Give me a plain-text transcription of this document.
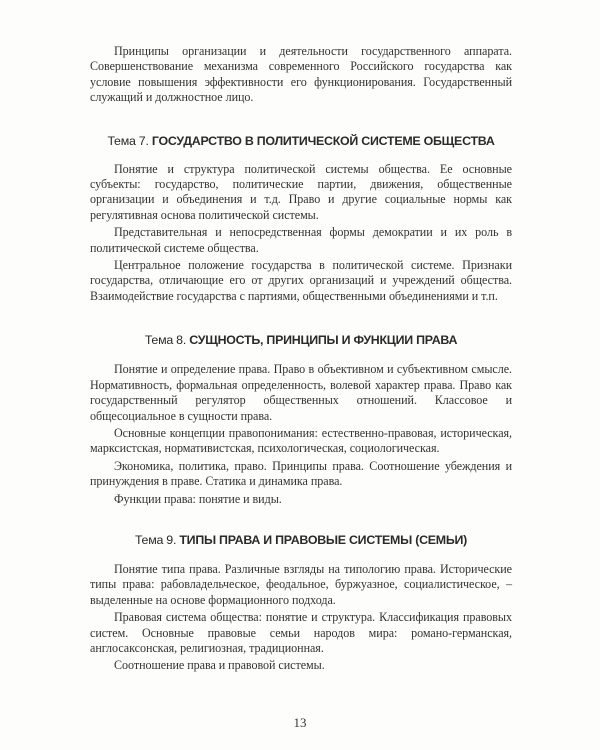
Принципы организации и деятельности государственного аппарата. Совершенствование механизма современного Российского государства как условие повышения эффективности его функционирования. Государственный служащий и должностное лицо.

Тема 7. ГОСУДАРСТВО В ПОЛИТИЧЕСКОЙ СИСТЕМЕ ОБЩЕСТВА

Понятие и структура политической системы общества. Ее основные субъекты: государство, политические партии, движения, общественные организации и объединения и т.д. Право и другие социальные нормы как регулятивная основа политической системы.

Представительная и непосредственная формы демократии и их роль в политической системе общества.

Центральное положение государства в политической системе. Признаки государства, отличающие его от других организаций и учреждений общества. Взаимодействие государства с партиями, общественными объединениями и т.п.

Тема 8. СУЩНОСТЬ, ПРИНЦИПЫ И ФУНКЦИИ ПРАВА

Понятие и определение права. Право в объективном и субъективном смысле. Нормативность, формальная определенность, волевой характер права. Право как государственный регулятор общественных отношений. Классовое и общесоциальное в сущности права.

Основные концепции правопонимания: естественно-правовая, историческая, марксистская, нормативистская, психологическая, социологическая.

Экономика, политика, право. Принципы права. Соотношение убеждения и принуждения в праве. Статика и динамика права.

Функции права: понятие и виды.

Тема 9. ТИПЫ ПРАВА И ПРАВОВЫЕ СИСТЕМЫ (СЕМЬИ)

Понятие типа права. Различные взгляды на типологию права. Исторические типы права: рабовладельческое, феодальное, буржуазное, социалистическое, – выделенные на основе формационного подхода.

Правовая система общества: понятие и структура. Классификация правовых систем. Основные правовые семьи народов мира: романо-германская, англосаксонская, религиозная, традиционная.

Соотношение права и правовой системы.

13
